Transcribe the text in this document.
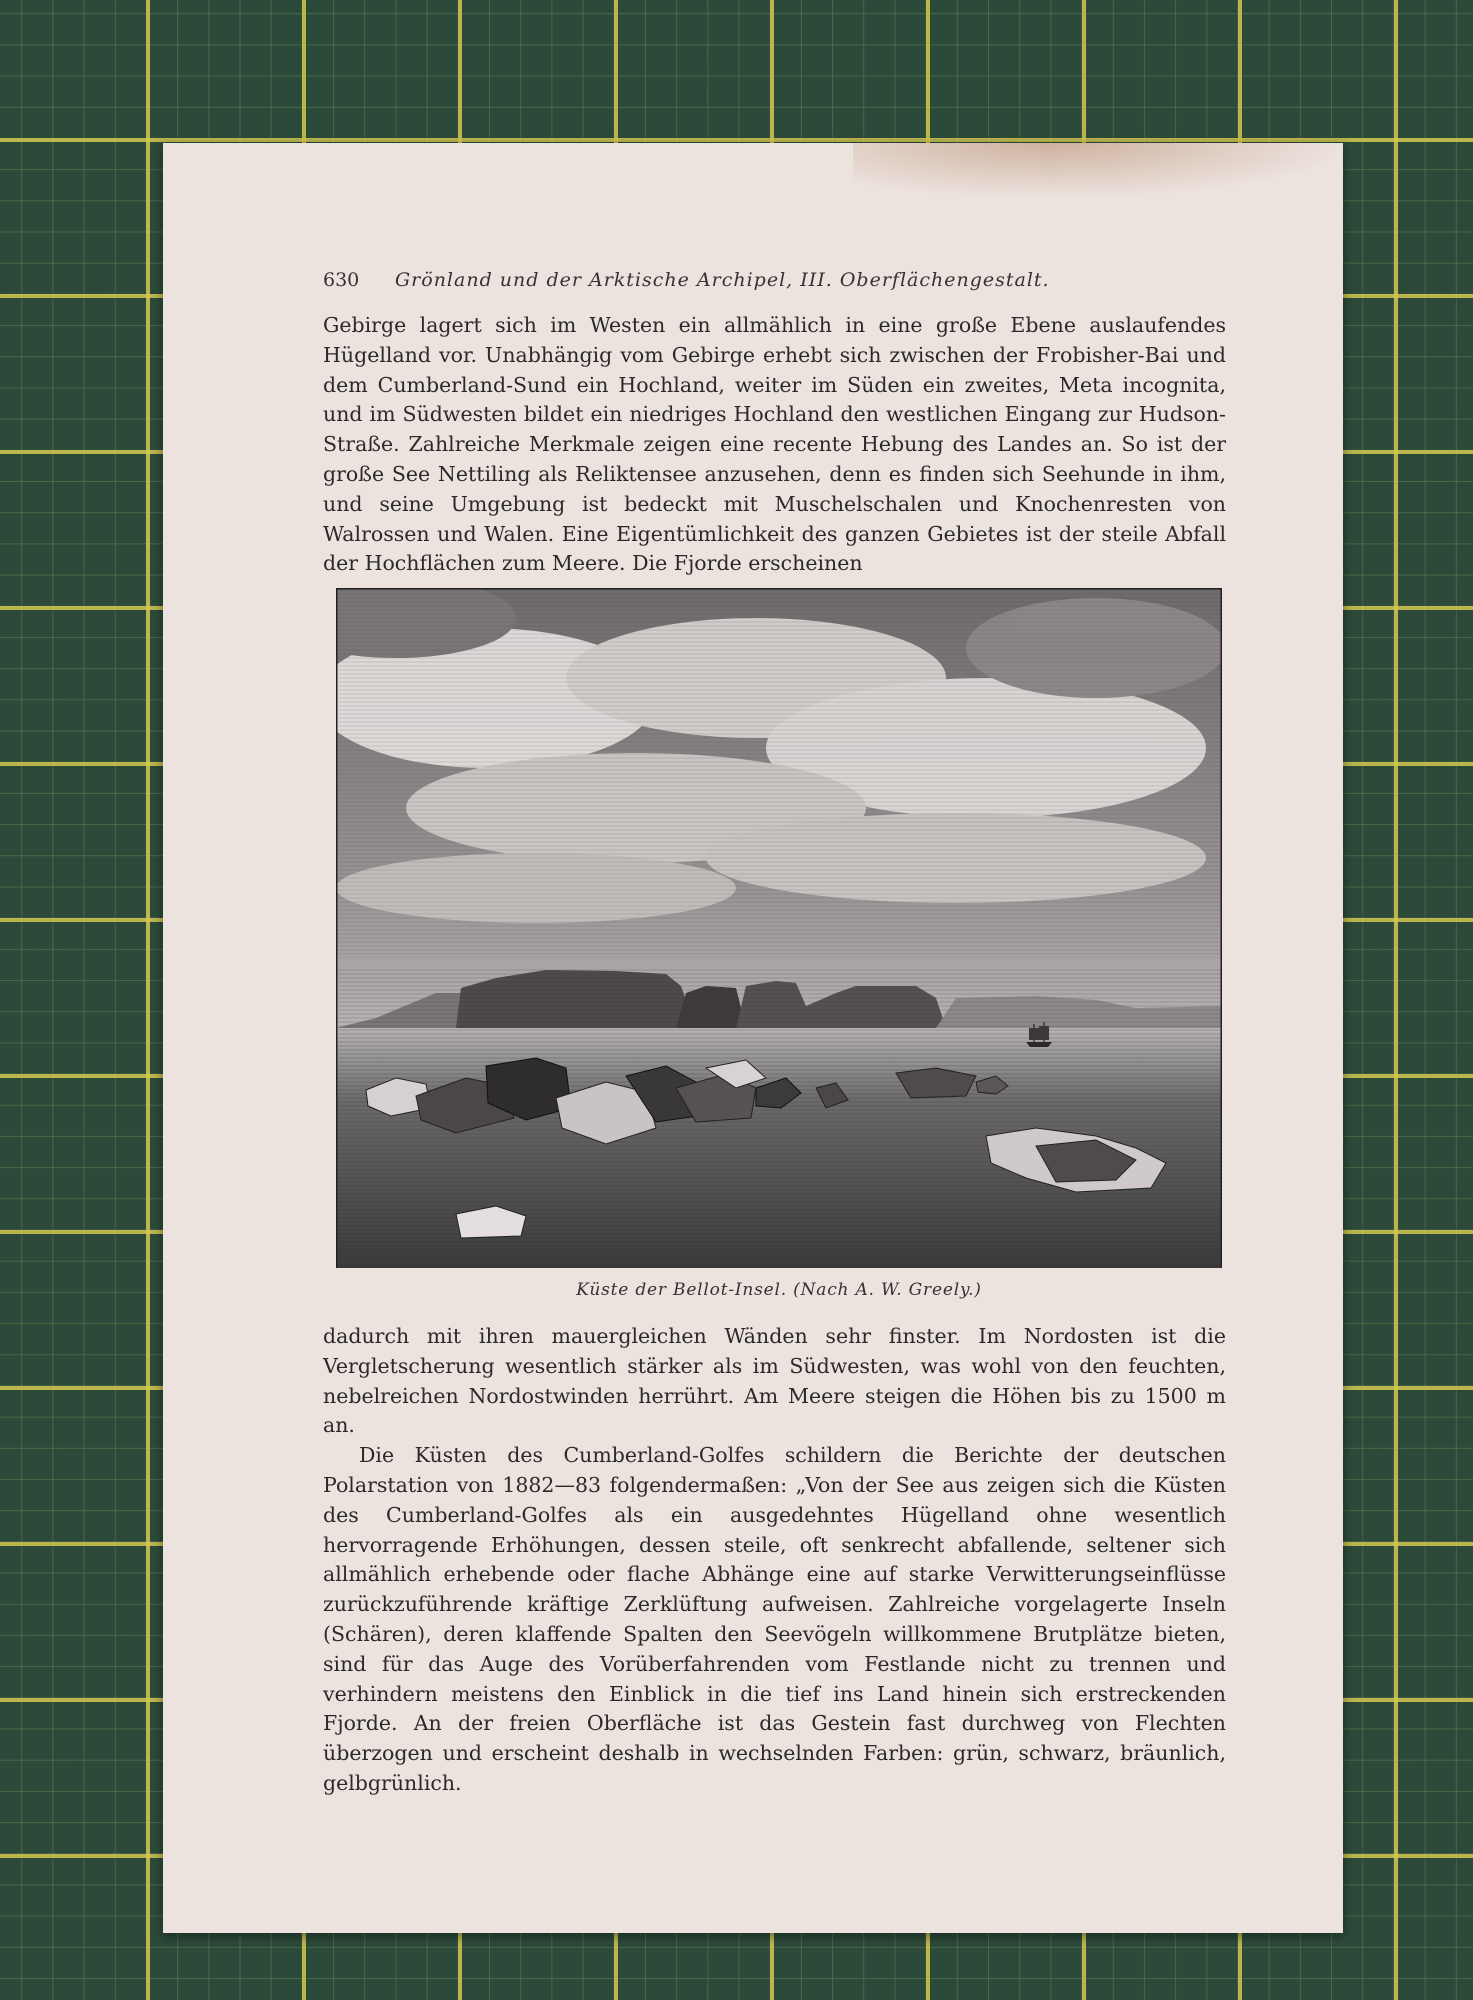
630 Grönland und der Arktische Archipel, III. Oberflächengestalt.

Gebirge lagert sich im Westen ein allmählich in eine große Ebene auslaufendes Hügelland vor. Unabhängig vom Gebirge erhebt sich zwischen der Frobisher-Bai und dem Cumberland-Sund ein Hochland, weiter im Süden ein zweites, Meta incognita, und im Südwesten bildet ein niedriges Hochland den westlichen Eingang zur Hudson-Straße. Zahlreiche Merkmale zeigen eine recente Hebung des Landes an. So ist der große See Nettiling als Reliktensee anzusehen, denn es finden sich Seehunde in ihm, und seine Umgebung ist bedeckt mit Muschelschalen und Knochenresten von Walrossen und Walen. Eine Eigentümlichkeit des ganzen Gebietes ist der steile Abfall der Hochflächen zum Meere. Die Fjorde erscheinen

Küste der Bellot-Insel. (Nach A. W. Greely.)

dadurch mit ihren mauergleichen Wänden sehr finster. Im Nordosten ist die Vergletscherung wesentlich stärker als im Südwesten, was wohl von den feuchten, nebelreichen Nordostwinden herrührt. Am Meere steigen die Höhen bis zu 1500 m an.

Die Küsten des Cumberland-Golfes schildern die Berichte der deutschen Polarstation von 1882—83 folgendermaßen: „Von der See aus zeigen sich die Küsten des Cumberland-Golfes als ein ausgedehntes Hügelland ohne wesentlich hervorragende Erhöhungen, dessen steile, oft senkrecht abfallende, seltener sich allmählich erhebende oder flache Abhänge eine auf starke Verwitterungseinflüsse zurückzuführende kräftige Zerklüftung aufweisen. Zahlreiche vorgelagerte Inseln (Schären), deren klaffende Spalten den Seevögeln willkommene Brutplätze bieten, sind für das Auge des Vorüberfahrenden vom Festlande nicht zu trennen und verhindern meistens den Einblick in die tief ins Land hinein sich erstreckenden Fjorde. An der freien Oberfläche ist das Gestein fast durchweg von Flechten überzogen und erscheint deshalb in wechselnden Farben: grün, schwarz, bräunlich, gelbgrünlich.
